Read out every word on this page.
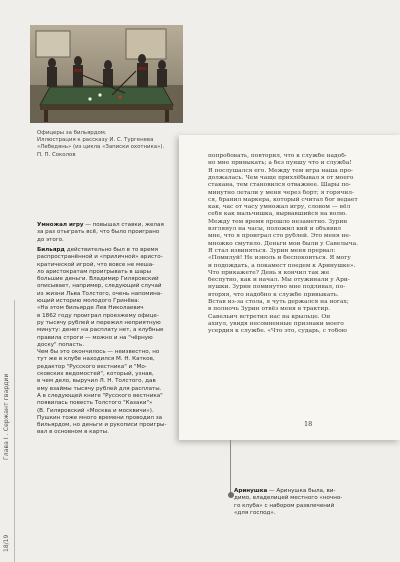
Глава I . Сержант гвардии
18/19
Офицеры за бильярдом.
Иллюстрация к рассказу И. С. Тургенева
«Лебедянь» (из цикла «Записки охотника»).
П. П. Соколов
Умножал игру — повышал ставки, желая
за раз отыграть всё, что было проиграно
до этого.
Бильярд действительно был в то время
распространённой и «приличной» аристо-
кратической игрой, что вовсе не меша-
ло аристократам проигрывать в шары
большие деньги. Владимир Гиляровский
описывает, например, следующий случай
из жизни Льва Толстого, очень напомина-
ющий историю молодого Гринёва:
«На этом бильярде Лев Николаевич
в 1862 году проиграл проезжему офице-
ру тысячу рублей и пережил неприятную
минуту: денег на расплату нет, а клубные
правила строги — можно и на "чёрную
доску" попасть.
Чем бы это окончилось — неизвестно, но
тут же в клубе находился М. Н. Катков,
редактор "Русского вестника" и "Мо-
сковских ведомостей", который, узнав,
в чем дело, выручил Л. Н. Толстого, дав
ему взаймы тысячу рублей для расплаты.
А в следующей книге "Русского вестника"
появилась повесть Толстого "Казаки"»
(В. Гиляровский «Москва и москвичи»).
Пушкин тоже много времени проводил за
бильярдом, но деньги и рукописи проигры-
вал в основном в карты.
попробовать, повторил, что к службе надоб-
но мне привыкать; а без пуншу что и служба!
Я послушался его. Между тем игра наша про-
должалась. Чем чаще прихлёбывал я от моего
стакана, тем становился отважнее. Шары по-
минутно летали у меня через борт; я горячил-
ся, бранил маркера, который считал бог ведает
как, час от часу умножал игру, словом — вёл
себя как мальчишка, вырвавшийся на волю.
Между тем время прошло незаметно. Зурин
взглянул на часы, положил кий и объявил
мне, что я проиграл сто рублей. Это меня не-
множко смутило. Деньги мои были у Савелыча.
Я стал извиняться. Зурин меня прервал:
«Помилуй! Не изволь и беспокоиться. Я могу
и подождать, а покамест поедем к Аринушке».
Что прикажете? День я кончил так же
беспутно, как и начал. Мы отужинали у Ари-
нушки. Зурин поминутно мне подливал, по-
вторяя, что надобно к службе привыкать.
Встав из-за стола, я чуть держался на ногах;
в полночь Зурин отвёз меня в трактир.
Савельич встретил нас на крыльце. Он
ахнул, увидя несомненные признаки моего
усердия к службе. «Что это, сударь, с тобою
18
Аринушка — Аринушка была, ви-
димо, владелицей местного «ночно-
го клуба» с набором развлечений
«для господ».
